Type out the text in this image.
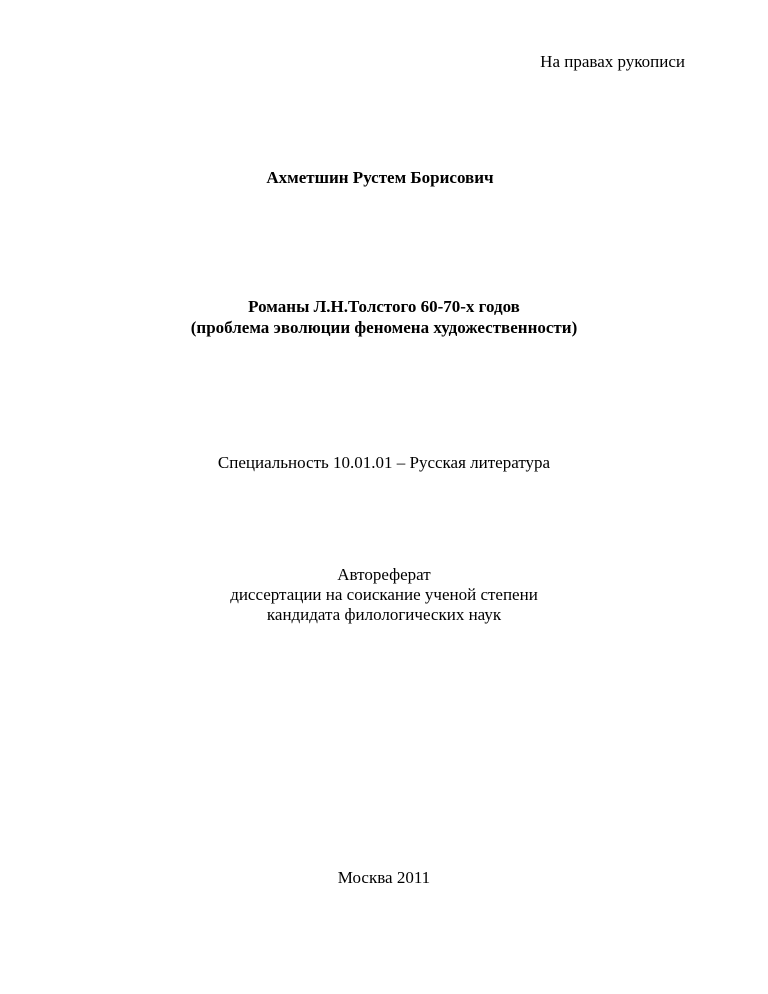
На правах рукописи

Ахметшин Рустем Борисович

Романы Л.Н.Толстого 60-70-х годов

(проблема эволюции феномена художественности)

Специальность 10.01.01 – Русская литература

Автореферат

диссертации на соискание ученой степени

кандидата филологических наук

Москва 2011
